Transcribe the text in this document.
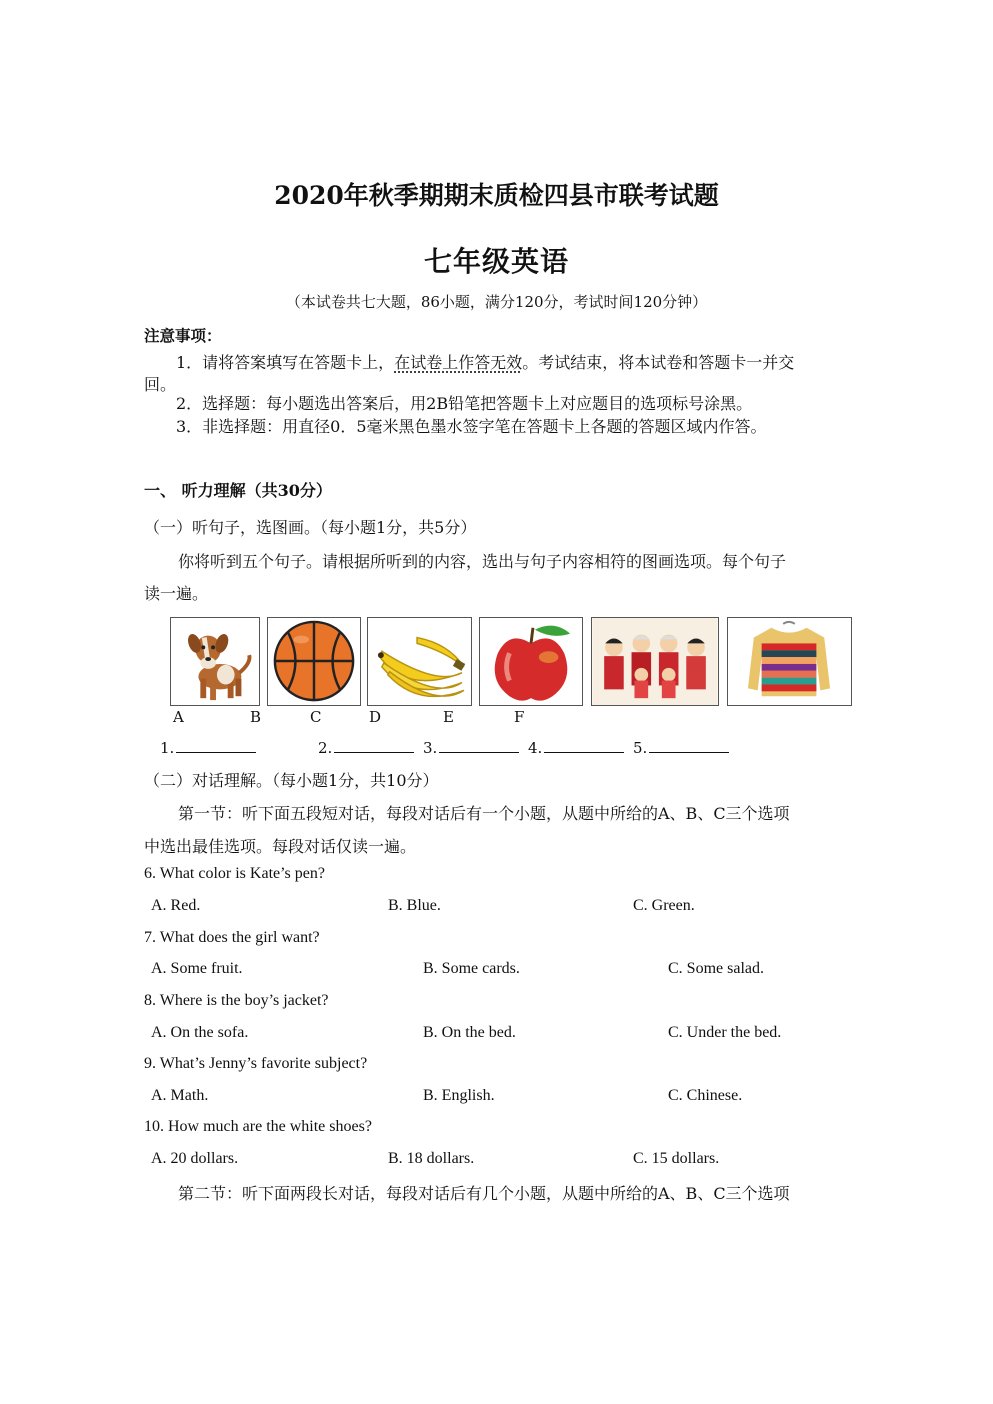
2020年秋季期期末质检四县市联考试题
七年级英语
（本试卷共七大题，86小题，满分120分，考试时间120分钟）
注意事项：
1．请将答案填写在答题卡上，在试卷上作答无效。考试结束，将本试卷和答题卡一并交
回。
2．选择题：每小题选出答案后，用2B铅笔把答题卡上对应题目的选项标号涂黑。
3．非选择题：用直径0．5毫米黑色墨水签字笔在答题卡上各题的答题区域内作答。
一、 听力理解（共30分）
（一）听句子，选图画。（每小题1分，共5分）
你将听到五个句子。请根据所听到的内容，选出与句子内容相符的图画选项。每个句子
读一遍。
A	B	C	D	E	F
1.	2.	3.	4.	5.
（二）对话理解。（每小题1分，共10分）
第一节：听下面五段短对话，每段对话后有一个小题，从题中所给的A、B、C三个选项
中选出最佳选项。每段对话仅读一遍。
6. What color is Kate’s pen?
A. Red.	B. Blue.	C. Green.
7. What does the girl want?
A. Some fruit.	B. Some cards.	C. Some salad.
8. Where is the boy’s jacket?
A. On the sofa.	B. On the bed.	C. Under the bed.
9. What’s Jenny’s favorite subject?
A. Math.	B. English.	C. Chinese.
10. How much are the white shoes?
A. 20 dollars.	B. 18 dollars.	C. 15 dollars.
第二节：听下面两段长对话，每段对话后有几个小题，从题中所给的A、B、C三个选项
